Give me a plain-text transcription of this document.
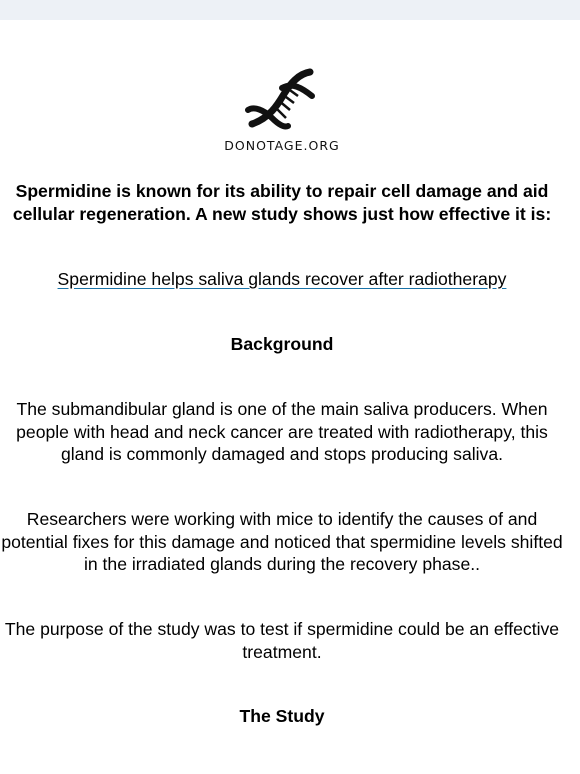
DONOTAGE.ORG
Spermidine is known for its ability to repair cell damage and aid cellular regeneration. A new study shows just how effective it is:
Spermidine helps saliva glands recover after radiotherapy
Background
The submandibular gland is one of the main saliva producers. When people with head and neck cancer are treated with radiotherapy, this gland is commonly damaged and stops producing saliva.
Researchers were working with mice to identify the causes of and potential fixes for this damage and noticed that spermidine levels shifted in the irradiated glands during the recovery phase..
The purpose of the study was to test if spermidine could be an effective treatment.
The Study
